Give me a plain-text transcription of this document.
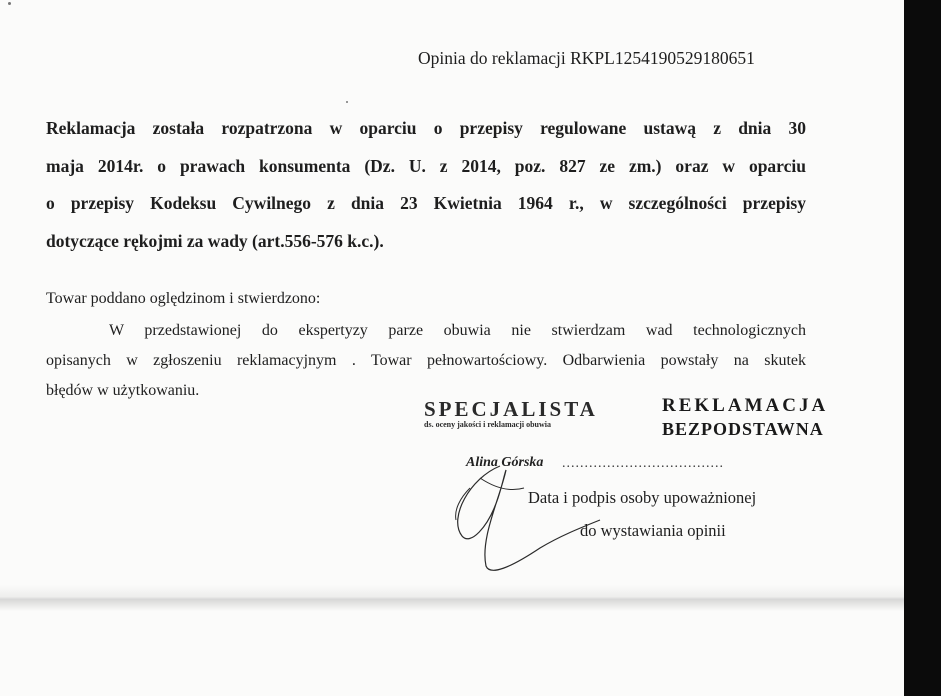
Opinia do reklamacji RKPL1254190529180651
Reklamacja została rozpatrzona w oparciu o przepisy regulowane ustawą z dnia 30
maja 2014r. o prawach konsumenta (Dz. U. z 2014, poz. 827 ze zm.) oraz w oparciu
o przepisy Kodeksu Cywilnego z dnia 23 Kwietnia 1964 r., w szczególności przepisy
dotyczące rękojmi za wady (art.556-576 k.c.).
Towar poddano oględzinom i stwierdzono:
W przedstawionej do ekspertyzy parze obuwia nie stwierdzam wad technologicznych
opisanych w zgłoszeniu reklamacyjnym . Towar pełnowartościowy. Odbarwienia powstały na skutek
błędów w użytkowaniu.
SPECJALISTA
ds. oceny jakości i reklamacji obuwia
REKLAMACJA
BEZPODSTAWNA
Alina Górska ....................................
Data i podpis osoby upoważnionej
do wystawiania opinii
